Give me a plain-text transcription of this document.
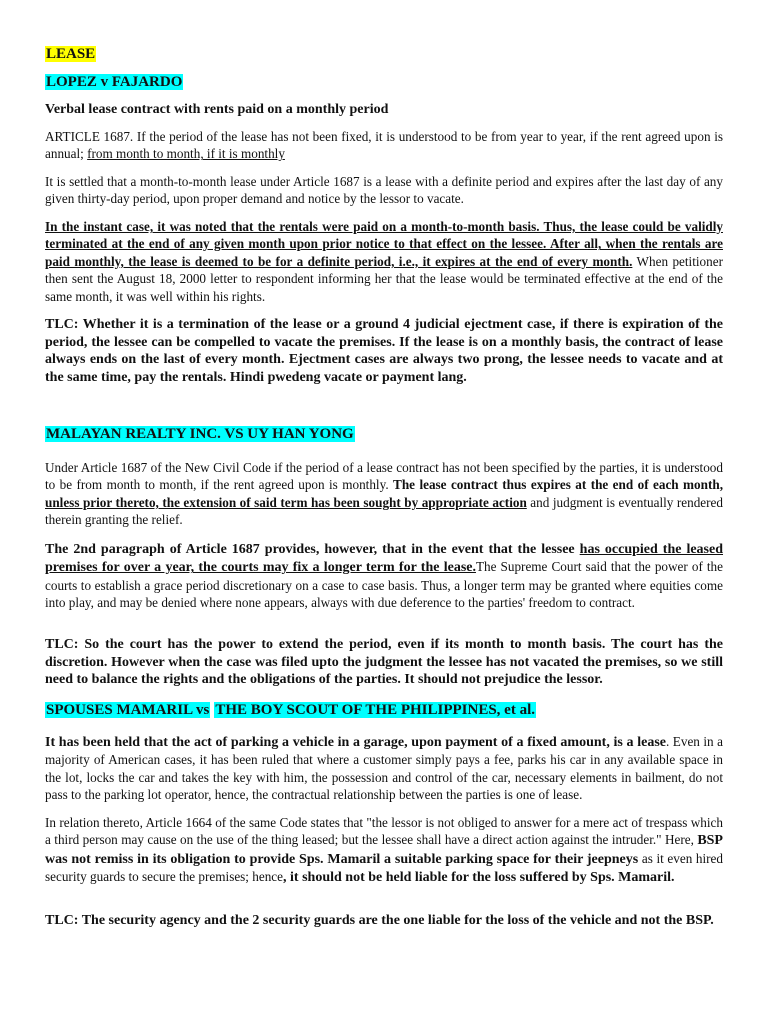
LEASE
LOPEZ v FAJARDO

Verbal lease contract with rents paid on a monthly period

ARTICLE 1687. If the period of the lease has not been fixed, it is understood to be from year to year, if the rent agreed upon is annual; from month to month, if it is monthly

It is settled that a month-to-month lease under Article 1687 is a lease with a definite period and expires after the last day of any given thirty-day period, upon proper demand and notice by the lessor to vacate.

In the instant case, it was noted that the rentals were paid on a month-to-month basis. Thus, the lease could be validly terminated at the end of any given month upon prior notice to that effect on the lessee. After all, when the rentals are paid monthly, the lease is deemed to be for a definite period, i.e., it expires at the end of every month. When petitioner then sent the August 18, 2000 letter to respondent informing her that the lease would be terminated effective at the end of the same month, it was well within his rights.

TLC: Whether it is a termination of the lease or a ground 4 judicial ejectment case, if there is expiration of the period, the lessee can be compelled to vacate the premises. If the lease is on a monthly basis, the contract of lease always ends on the last of every month. Ejectment cases are always two prong, the lessee needs to vacate and at the same time, pay the rentals. Hindi pwedeng vacate or payment lang.

MALAYAN REALTY INC. VS UY HAN YONG

Under Article 1687 of the New Civil Code if the period of a lease contract has not been specified by the parties, it is understood to be from month to month, if the rent agreed upon is monthly. The lease contract thus expires at the end of each month, unless prior thereto, the extension of said term has been sought by appropriate action and judgment is eventually rendered therein granting the relief.

The 2nd paragraph of Article 1687 provides, however, that in the event that the lessee has occupied the leased premises for over a year, the courts may fix a longer term for the lease.The Supreme Court said that the power of the courts to establish a grace period discretionary on a case to case basis. Thus, a longer term may be granted where equities come into play, and may be denied where none appears, always with due deference to the parties' freedom to contract.

TLC: So the court has the power to extend the period, even if its month to month basis. The court has the discretion. However when the case was filed upto the judgment the lessee has not vacated the premises, so we still need to balance the rights and the obligations of the parties. It should not prejudice the lessor.

SPOUSES MAMARIL vs THE BOY SCOUT OF THE PHILIPPINES, et al.

It has been held that the act of parking a vehicle in a garage, upon payment of a fixed amount, is a lease. Even in a majority of American cases, it has been ruled that where a customer simply pays a fee, parks his car in any available space in the lot, locks the car and takes the key with him, the possession and control of the car, necessary elements in bailment, do not pass to the parking lot operator, hence, the contractual relationship between the parties is one of lease.

In relation thereto, Article 1664 of the same Code states that "the lessor is not obliged to answer for a mere act of trespass which a third person may cause on the use of the thing leased; but the lessee shall have a direct action against the intruder." Here, BSP was not remiss in its obligation to provide Sps. Mamaril a suitable parking space for their jeepneys as it even hired security guards to secure the premises; hence, it should not be held liable for the loss suffered by Sps. Mamaril.

TLC: The security agency and the 2 security guards are the one liable for the loss of the vehicle and not the BSP.
